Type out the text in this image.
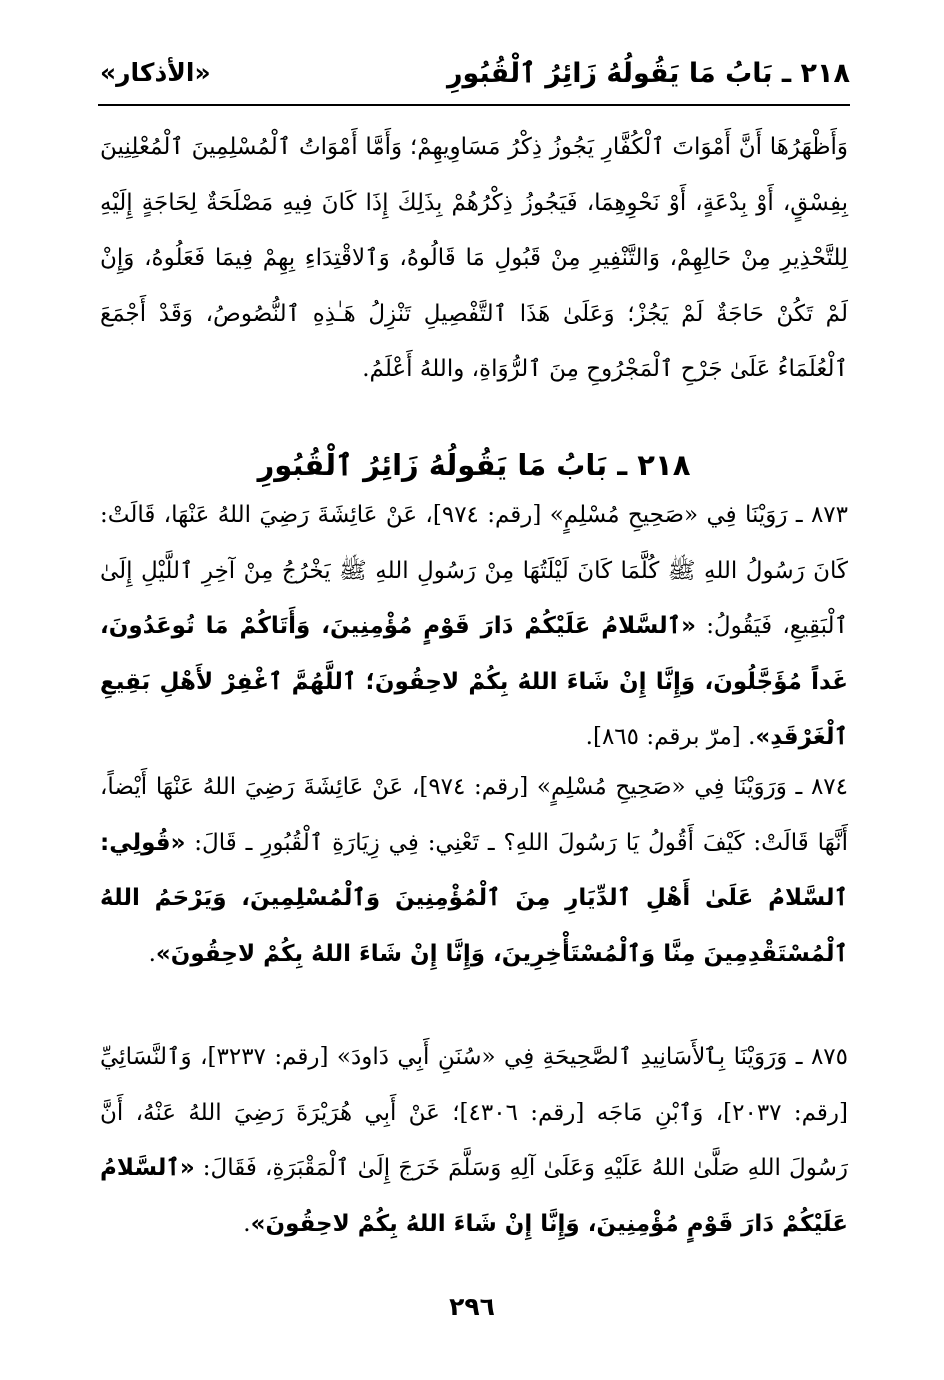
٢١٨ ـ بَابُ مَا يَقُولُهُ زَائِرُ ٱلْقُبُورِ
«الأذكار»

وَأَظْهَرُهَا أَنَّ أَمْوَاتَ ٱلْكُفَّارِ يَجُوزُ ذِكْرُ مَسَاوِيهِمْ؛ وَأَمَّا أَمْوَاتُ ٱلْمُسْلِمِينَ ٱلْمُعْلِنِينَ بِفِسْقٍ، أَوْ بِدْعَةٍ، أَوْ نَحْوِهِمَا، فَيَجُوزُ ذِكْرُهُمْ بِذَلِكَ إِذَا كَانَ فِيهِ مَصْلَحَةٌ لِحَاجَةٍ إِلَيْهِ لِلتَّحْذِيرِ مِنْ حَالِهِمْ، وَالتَّنْفِيرِ مِنْ قَبُولِ مَا قَالُوهُ، وَٱلاقْتِدَاءِ بِهِمْ فِيمَا فَعَلُوهُ، وَإِنْ لَمْ تَكُنْ حَاجَةٌ لَمْ يَجُزْ؛ وَعَلَىٰ هَذَا ٱلتَّفْصِيلِ تَنْزِلُ هَـٰذِهِ ٱلنُّصُوصُ، وَقَدْ أَجْمَعَ ٱلْعُلَمَاءُ عَلَىٰ جَرْحِ ٱلْمَجْرُوحِ مِنَ ٱلرُّوَاةِ، واللهُ أَعْلَمُ.

٢١٨ ـ بَابُ مَا يَقُولُهُ زَائِرُ ٱلْقُبُورِ

٨٧٣ ـ رَوَيْنَا فِي «صَحِيحِ مُسْلِمٍ» [رقم: ٩٧٤]، عَنْ عَائِشَةَ رَضِيَ اللهُ عَنْهَا، قَالَتْ: كَانَ رَسُولُ اللهِ ﷺ كُلَّمَا كَانَ لَيْلَتُهَا مِنْ رَسُولِ اللهِ ﷺ يَخْرُجُ مِنْ آخِرِ ٱللَّيْلِ إِلَىٰ ٱلْبَقِيعِ، فَيَقُولُ: «ٱلسَّلامُ عَلَيْكُمْ دَارَ قَوْمٍ مُؤْمِنِينَ، وَأَتَاكُمْ مَا تُوعَدُونَ، غَداً مُؤَجَّلُونَ، وَإِنَّا إِنْ شَاءَ اللهُ بِكُمْ لاحِقُونَ؛ ٱللَّهُمَّ ٱغْفِرْ لأَهْلِ بَقِيعِ ٱلْغَرْقَدِ». [مرّ برقم: ٨٦٥].

٨٧٤ ـ وَرَوَيْنَا فِي «صَحِيحِ مُسْلِمٍ» [رقم: ٩٧٤]، عَنْ عَائِشَةَ رَضِيَ اللهُ عَنْهَا أَيْضاً، أَنَّهَا قَالَتْ: كَيْفَ أَقُولُ يَا رَسُولَ اللهِ؟ ـ تَعْنِي: فِي زِيَارَةِ ٱلْقُبُورِ ـ قَالَ: «قُولِي: ٱلسَّلامُ عَلَىٰ أَهْلِ ٱلدِّيَارِ مِنَ ٱلْمُؤْمِنِينَ وَٱلْمُسْلِمِينَ، وَيَرْحَمُ اللهُ ٱلْمُسْتَقْدِمِينَ مِنَّا وَٱلْمُسْتَأْخِرِينَ، وَإِنَّا إِنْ شَاءَ اللهُ بِكُمْ لاحِقُونَ».

٨٧٥ ـ وَرَوَيْنَا بِٱلأَسَانِيدِ ٱلصَّحِيحَةِ فِي «سُنَنِ أَبِي دَاودَ» [رقم: ٣٢٣٧]، وَٱلنَّسَائِيِّ [رقم: ٢٠٣٧]، وَٱبْنِ مَاجَه [رقم: ٤٣٠٦]؛ عَنْ أَبِي هُرَيْرَةَ رَضِيَ اللهُ عَنْهُ، أَنَّ رَسُولَ اللهِ صَلَّىٰ اللهُ عَلَيْهِ وَعَلَىٰ آلِهِ وَسَلَّمَ خَرَجَ إِلَىٰ ٱلْمَقْبَرَةِ، فَقَالَ: «ٱلسَّلامُ عَلَيْكُمْ دَارَ قَوْمٍ مُؤْمِنِينَ، وَإِنَّا إِنْ شَاءَ اللهُ بِكُمْ لاحِقُونَ».

٢٩٦
